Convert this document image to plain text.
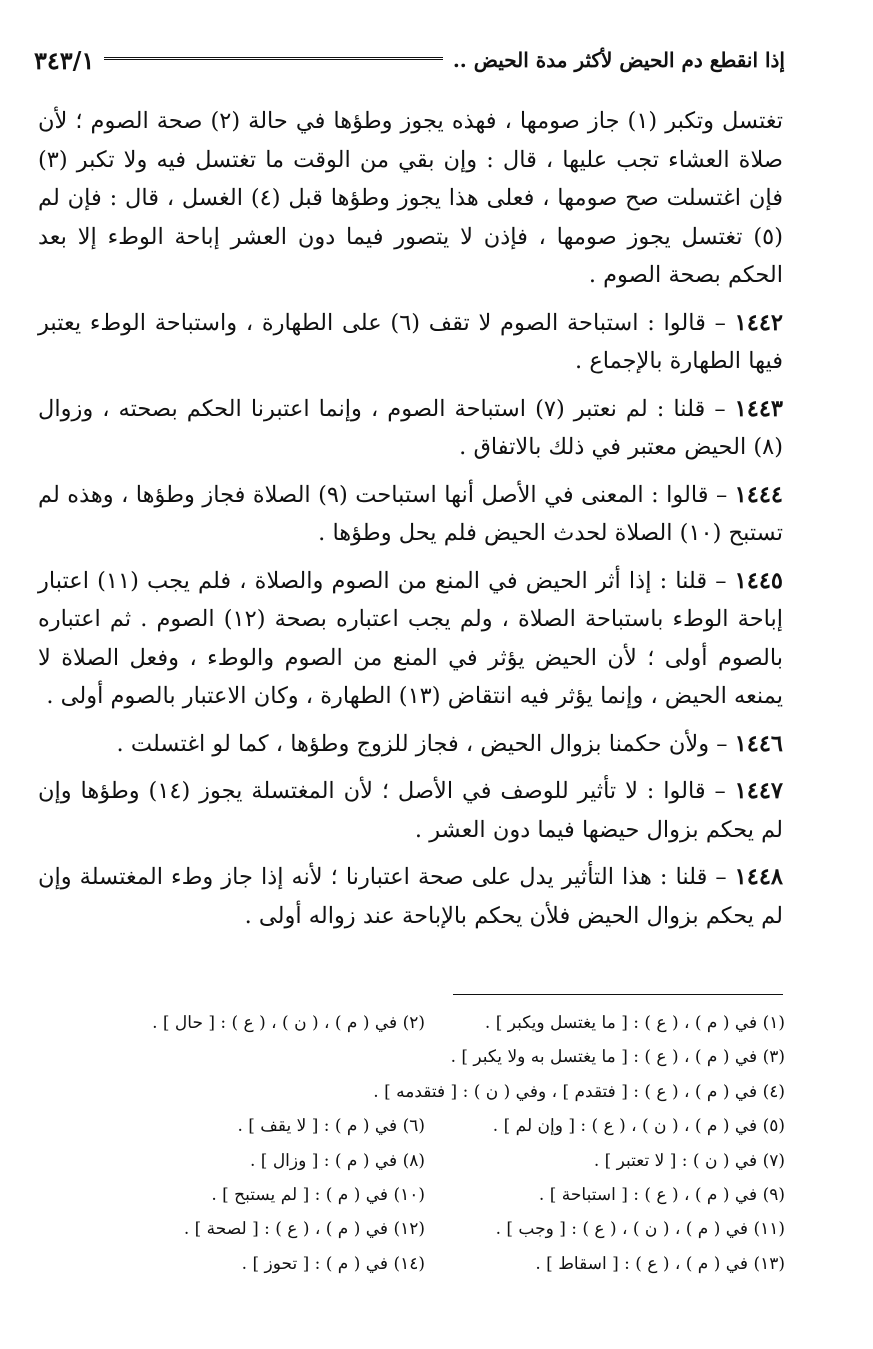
إذا انقطع دم الحيض لأكثر مدة الحيض ..
٣٤٣/١

تغتسل وتكبر (١) جاز صومها ، فهذه يجوز وطؤها في حالة (٢) صحة الصوم ؛ لأن صلاة العشاء تجب عليها ، قال : وإن بقي من الوقت ما تغتسل فيه ولا تكبر (٣) فإن اغتسلت صح صومها ، فعلى هذا يجوز وطؤها قبل (٤) الغسل ، قال : فإن لم (٥) تغتسل يجوز صومها ، فإذن لا يتصور فيما دون العشر إباحة الوطء إلا بعد الحكم بصحة الصوم .

١٤٤٢ – قالوا : استباحة الصوم لا تقف (٦) على الطهارة ، واستباحة الوطء يعتبر فيها الطهارة بالإجماع .

١٤٤٣ – قلنا : لم نعتبر (٧) استباحة الصوم ، وإنما اعتبرنا الحكم بصحته ، وزوال (٨) الحيض معتبر في ذلك بالاتفاق .

١٤٤٤ – قالوا : المعنى في الأصل أنها استباحت (٩) الصلاة فجاز وطؤها ، وهذه لم تستبح (١٠) الصلاة لحدث الحيض فلم يحل وطؤها .

١٤٤٥ – قلنا : إذا أثر الحيض في المنع من الصوم والصلاة ، فلم يجب (١١) اعتبار إباحة الوطء باستباحة الصلاة ، ولم يجب اعتباره بصحة (١٢) الصوم . ثم اعتباره بالصوم أولى ؛ لأن الحيض يؤثر في المنع من الصوم والوطء ، وفعل الصلاة لا يمنعه الحيض ، وإنما يؤثر فيه انتقاض (١٣) الطهارة ، وكان الاعتبار بالصوم أولى .

١٤٤٦ – ولأن حكمنا بزوال الحيض ، فجاز للزوج وطؤها ، كما لو اغتسلت .

١٤٤٧ – قالوا : لا تأثير للوصف في الأصل ؛ لأن المغتسلة يجوز (١٤) وطؤها وإن لم يحكم بزوال حيضها فيما دون العشر .

١٤٤٨ – قلنا : هذا التأثير يدل على صحة اعتبارنا ؛ لأنه إذا جاز وطء المغتسلة وإن لم يحكم بزوال الحيض فلأن يحكم بالإباحة عند زواله أولى .

(١) في ( م ) ، ( ع ) : [ ما يغتسل ويكبر ] .
(٢) في ( م ) ، ( ن ) ، ( ع ) : [ حال ] .
(٣) في ( م ) ، ( ع ) : [ ما يغتسل به ولا يكبر ] .
(٤) في ( م ) ، ( ع ) : [ فتقدم ] ، وفي ( ن ) : [ فتقدمه ] .
(٥) في ( م ) ، ( ن ) ، ( ع ) : [ وإن لم ] .
(٦) في ( م ) : [ لا يقف ] .
(٧) في ( ن ) : [ لا تعتبر ] .
(٨) في ( م ) : [ وزال ] .
(٩) في ( م ) ، ( ع ) : [ استباحة ] .
(١٠) في ( م ) : [ لم يستبح ] .
(١١) في ( م ) ، ( ن ) ، ( ع ) : [ وجب ] .
(١٢) في ( م ) ، ( ع ) : [ لصحة ] .
(١٣) في ( م ) ، ( ع ) : [ اسقاط ] .
(١٤) في ( م ) : [ تحوز ] .
